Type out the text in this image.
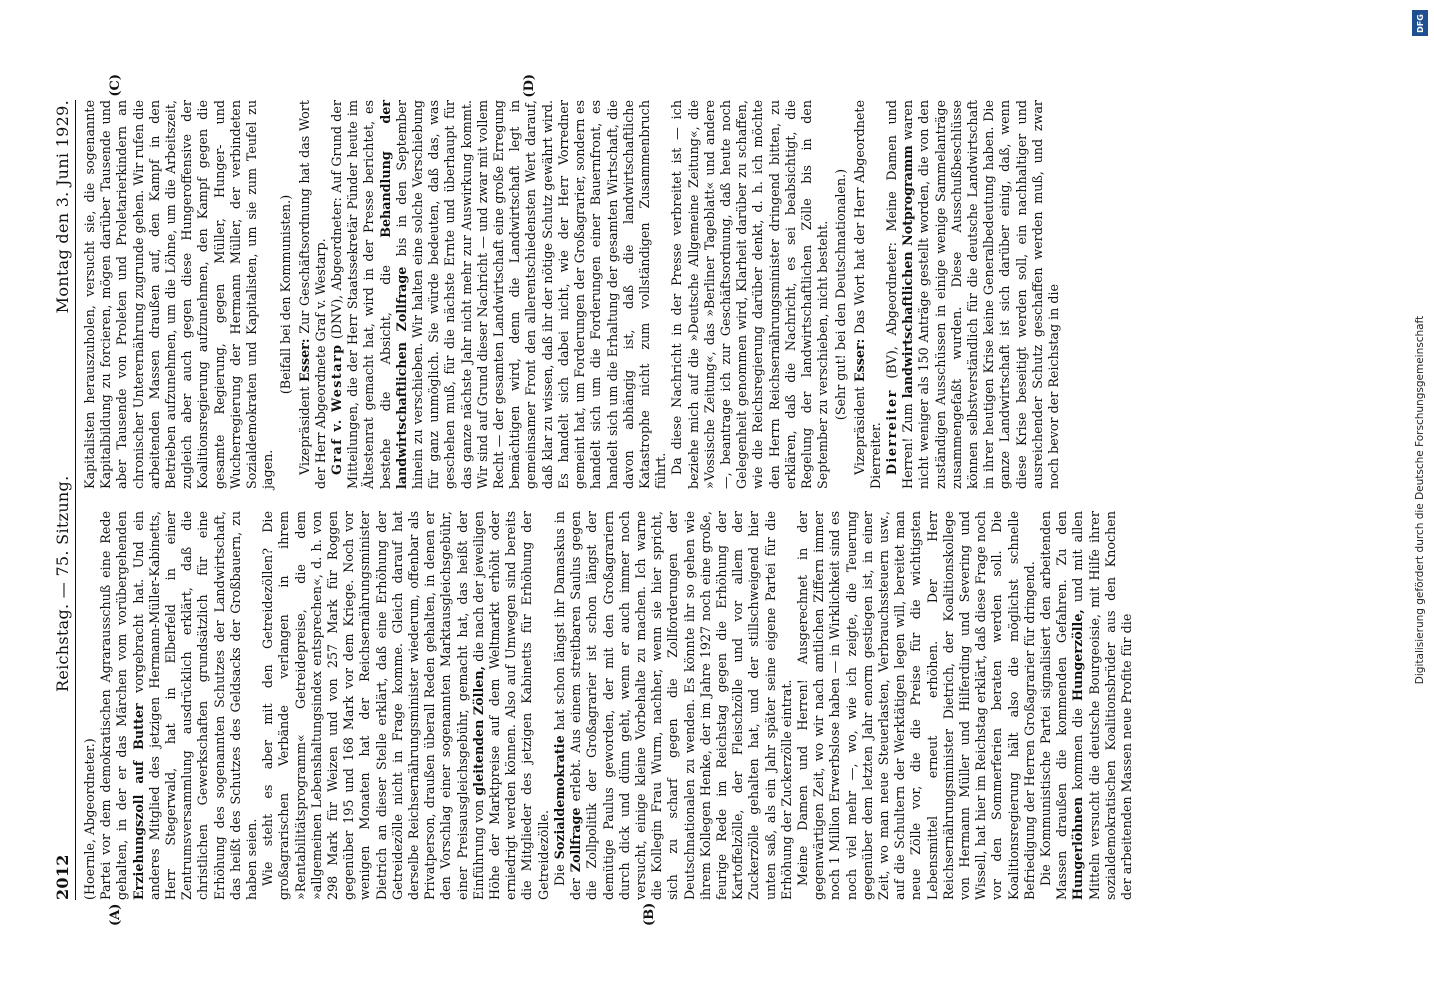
2012
Reichstag. — 75. Sitzung.
Montag den 3. Juni 1929.
(A)	(B)
(C)	(D)

(Hoernle, Abgeordneter.) Partei vor dem demokratischen Agrarausschuß eine Rede gehalten, in der er das Märchen vom vorübergehenden Erziehungszoll auf Butter vorgebracht hat. Und ein anderes Mitglied des jetzigen Hermann-Müller-Kabinetts, Herr Stegerwald, hat in Elberfeld in einer Zentrumsversammlung ausdrücklich erklärt, daß die christlichen Gewerkschaften grundsätzlich für eine Erhöhung des sogenannten Schutzes der Landwirtschaft, das heißt des Schutzes des Geldsacks der Großbauern, zu haben seien. Wie steht es aber mit den Getreidezöllen? Die großagrarischen Verbände verlangen in ihrem »Rentabilitätsprogramm« Getreidepreise, die dem »allgemeinen Lebenshaltungsindex entsprechen«, d. h. von 298 Mark für Weizen und von 257 Mark für Roggen gegenüber 195 und 168 Mark vor dem Kriege. Noch vor wenigen Monaten hat der Reichsernährungsminister Dietrich an dieser Stelle erklärt, daß eine Erhöhung der Getreidezölle nicht in Frage komme. Gleich darauf hat derselbe Reichsernährungsminister wiederum, offenbar als Privatperson, draußen überall Reden gehalten, in denen er den Vorschlag einer sogenannten Marktausgleichsgebühr, einer Preisausgleichsgebühr, gemacht hat, das heißt der Einführung von gleitenden Zöllen, die nach der jeweiligen Höhe der Marktpreise auf dem Weltmarkt erhöht oder erniedrigt werden können. Also auf Umwegen sind bereits die Mitglieder des jetzigen Kabinetts für Erhöhung der Getreidezölle. Die Sozialdemokratie hat schon längst ihr Damaskus in der Zollfrage erlebt. Aus einem streitbaren Saulus gegen die Zollpolitik der Großagrarier ist schon längst der demütige Paulus geworden, der mit den Großagrariern durch dick und dünn geht, wenn er auch immer noch versucht, einige kleine Vorbehalte zu machen. Ich warne die Kollegin Frau Wurm, nachher, wenn sie hier spricht, sich zu scharf gegen die Zollforderungen der Deutschnationalen zu wenden. Es könnte ihr so gehen wie ihrem Kollegen Henke, der im Jahre 1927 noch eine große, feurige Rede im Reichstag gegen die Erhöhung der Kartoffelzölle, der Fleischzölle und vor allem der Zuckerzölle gehalten hat, und der stillschweigend hier unten saß, als ein Jahr später seine eigene Partei für die Erhöhung der Zuckerzölle eintrat. Meine Damen und Herren! Ausgerechnet in der gegenwärtigen Zeit, wo wir nach amtlichen Ziffern immer noch 1 Million Erwerbslose haben — in Wirklichkeit sind es noch viel mehr —, wo, wie ich zeigte, die Teuerung gegenüber dem letzten Jahr enorm gestiegen ist, in einer Zeit, wo man neue Steuerlasten, Verbrauchssteuern usw., auf die Schultern der Werktätigen legen will, bereitet man neue Zölle vor, die die Preise für die wichtigsten Lebensmittel erneut erhöhen. Der Herr Reichsernährungsminister Dietrich, der Koalitionskollege von Hermann Müller und Hilferding und Severing und Wissell, hat hier im Reichstag erklärt, daß diese Frage noch vor den Sommerferien beraten werden soll. Die Koalitionsregierung hält also die möglichst schnelle Befriedigung der Herren Großagrarier für dringend. Die Kommunistische Partei signalisiert den arbeitenden Massen draußen die kommenden Gefahren. Zu den Hungerlöhnen kommen die Hungerzölle, und mit allen Mitteln versucht die deutsche Bourgeoisie, mit Hilfe ihrer sozialdemokratischen Koalitionsbrüder aus den Knochen der arbeitenden Massen neue Profite für die

Kapitalisten herauszuholen, versucht sie, die sogenannte Kapitalbildung zu forcieren, mögen darüber Tausende und aber Tausende von Proleten und Proletarierkindern an chronischer Unterernährung zugrunde gehen. Wir rufen die arbeitenden Massen draußen auf, den Kampf in den Betrieben aufzunehmen, um die Löhne, um die Arbeitszeit, zugleich aber auch gegen diese Hungeroffensive der Koalitionsregierung aufzunehmen, den Kampf gegen die gesamte Regierung, gegen Müller, Hunger- und Wucherregierung der Hermann Müller, der verbindeten Sozialdemokraten und Kapitalisten, um sie zum Teufel zu jagen.

(Beifall bei den Kommunisten.)

Vizepräsident Esser: Zur Geschäftsordnung hat das Wort der Herr Abgeordnete Graf v. Westarp. Graf v. Westarp (DNV), Abgeordneter: Auf Grund der Mitteilungen, die der Herr Staatssekretär Pünder heute im Ältestenrat gemacht hat, wird in der Presse berichtet, es bestehe die Absicht, die Behandlung der landwirtschaftlichen Zollfrage bis in den September hinein zu verschieben. Wir halten eine solche Verschiebung für ganz unmöglich. Sie würde bedeuten, daß das, was geschehen muß, für die nächste Ernte und überhaupt für das ganze nächste Jahr nicht mehr zur Auswirkung kommt. Wir sind auf Grund dieser Nachricht — und zwar mit vollem Recht — der gesamten Landwirtschaft eine große Erregung bemächtigen wird, denn die Landwirtschaft legt in gemeinsamer Front den allerentschiedensten Wert darauf, daß klar zu wissen, daß ihr der nötige Schutz gewährt wird. Es handelt sich dabei nicht, wie der Herr Vorredner gemeint hat, um Forderungen der Großagrarier, sondern es handelt sich um die Forderungen einer Bauernfront, es handelt sich um die Erhaltung der gesamten Wirtschaft, die davon abhängig ist, daß die landwirtschaftliche Katastrophe nicht zum vollständigen Zusammenbruch führt. Da diese Nachricht in der Presse verbreitet ist — ich beziehe mich auf die »Deutsche Allgemeine Zeitung«, die »Vossische Zeitung«, das »Berliner Tageblatt« und andere —, beantrage ich zur Geschäftsordnung, daß heute noch Gelegenheit genommen wird, Klarheit darüber zu schaffen, wie die Reichsregierung darüber denkt, d. h. ich möchte den Herrn Reichsernährungsminister dringend bitten, zu erklären, daß die Nachricht, es sei beabsichtigt, die Regelung der landwirtschaftlichen Zölle bis in den September zu verschieben, nicht besteht. (Sehr gut! bei den Deutschnationalen.)

Vizepräsident Esser: Das Wort hat der Herr Abgeordnete Dierreiter. Dierreiter (BV), Abgeordneter: Meine Damen und Herren! Zum landwirtschaftlichen Notprogramm waren nicht weniger als 150 Anträge gestellt worden, die von den zuständigen Ausschüssen in einige wenige Sammelanträge zusammengefaßt wurden. Diese Ausschußbeschlüsse können selbstverständlich für die deutsche Landwirtschaft in ihrer heutigen Krise keine Generalbedeutung haben. Die ganze Landwirtschaft ist sich darüber einig, daß, wenn diese Krise beseitigt werden soll, ein nachhaltiger und ausreichender Schutz geschaffen werden muß, und zwar noch bevor der Reichstag in die	Digitalisierung gefördert durch die Deutsche Forschungsgemeinschaft
DFG
